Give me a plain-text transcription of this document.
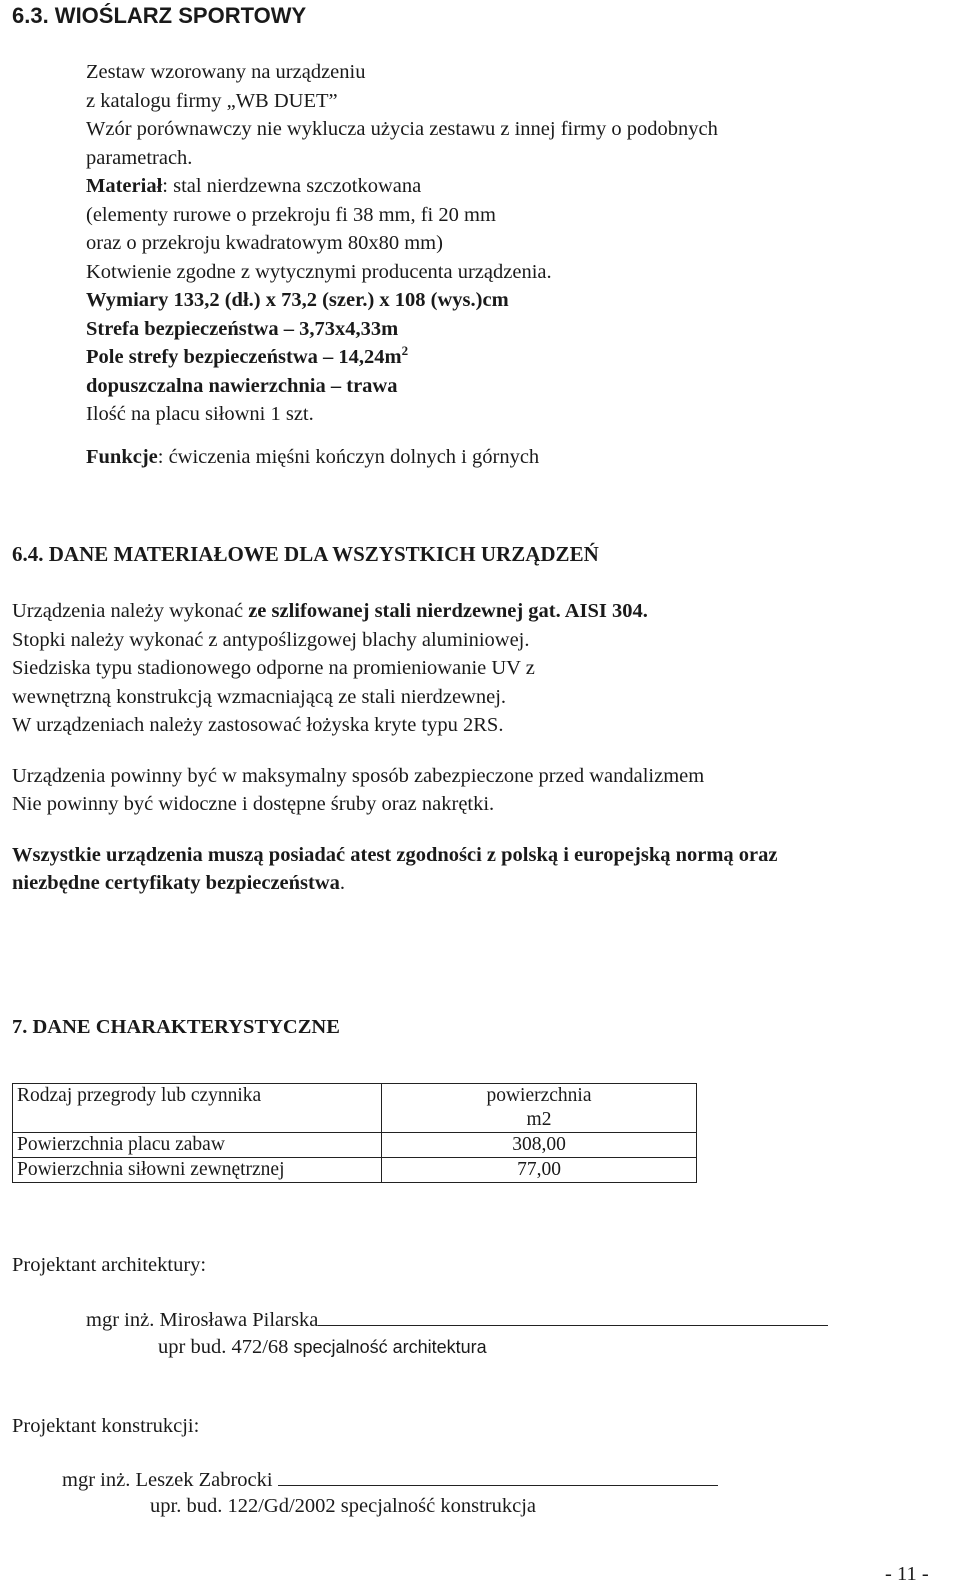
6.3. WIOŚLARZ SPORTOWY
Zestaw wzorowany na urządzeniu
z katalogu firmy „WB DUET”
Wzór porównawczy nie wyklucza użycia zestawu z innej firmy o podobnych
parametrach.
Materiał: stal nierdzewna szczotkowana
(elementy rurowe o przekroju fi 38 mm, fi 20 mm
oraz o przekroju kwadratowym 80x80 mm)
Kotwienie zgodne z wytycznymi producenta urządzenia.
Wymiary 133,2 (dł.) x 73,2 (szer.) x 108 (wys.)cm
Strefa bezpieczeństwa – 3,73x4,33m
Pole strefy bezpieczeństwa – $14,24m^2$
dopuszczalna nawierzchnia – trawa
Ilość na placu siłowni 1 szt.
Funkcje: ćwiczenia mięśni kończyn dolnych i górnych
6.4. DANE MATERIAŁOWE DLA WSZYSTKICH URZĄDZEŃ
Urządzenia należy wykonać ze szlifowanej stali nierdzewnej gat. AISI 304.
Stopki należy wykonać z antypoślizgowej blachy aluminiowej.
Siedziska typu stadionowego odporne na promieniowanie UV z
wewnętrzną konstrukcją wzmacniającą ze stali nierdzewnej.
W urządzeniach należy zastosować łożyska kryte typu 2RS.
Urządzenia powinny być w maksymalny sposób zabezpieczone przed wandalizmem
Nie powinny być widoczne i dostępne śruby oraz nakrętki.
Wszystkie urządzenia muszą posiadać atest zgodności z polską i europejską normą oraz
niezbędne certyfikaty bezpieczeństwa.
7. DANE CHARAKTERYSTYCZNE
Rodzaj przegrody lub czynnika	powierzchnia
m2

Powierzchnia placu zabaw	308,00
Powierzchnia siłowni zewnętrznej	77,00
Projektant architektury:
mgr inż. Mirosława Pilarska
upr bud. 472/68 specjalność architektura
Projektant konstrukcji:
mgr inż. Leszek Zabrocki
upr. bud. 122/Gd/2002 specjalność konstrukcja
- 11 -
